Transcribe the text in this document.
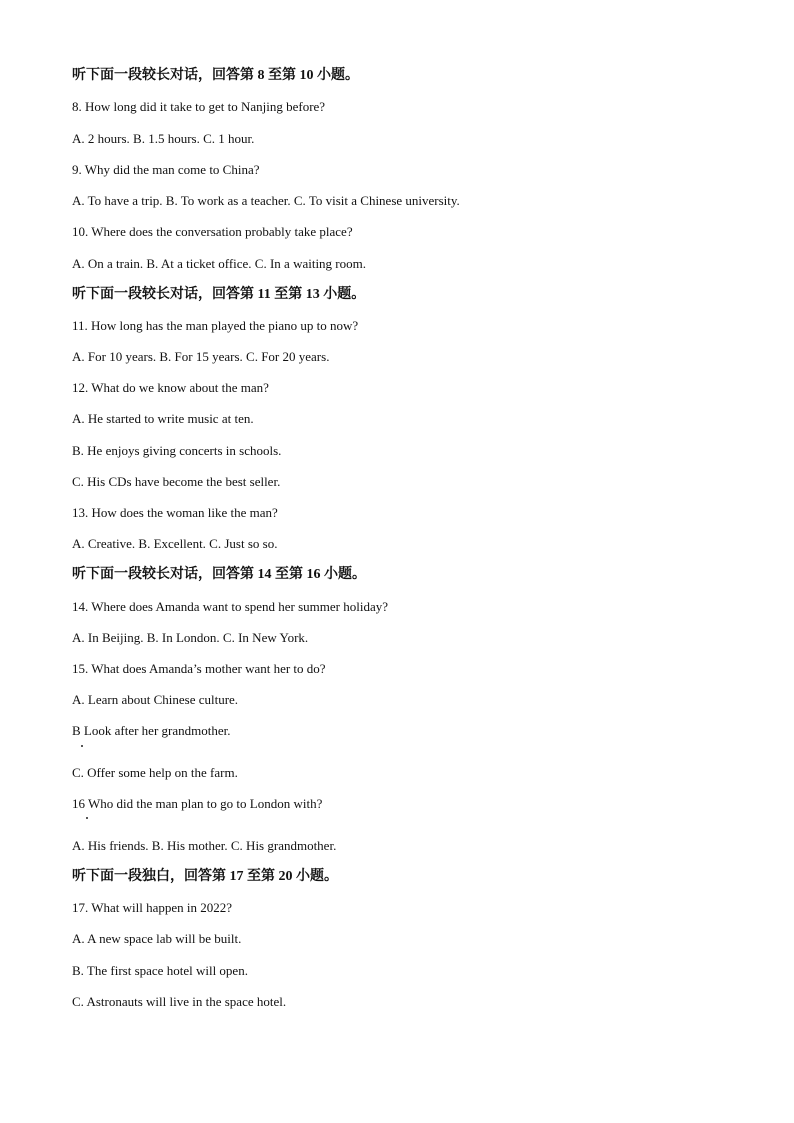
听下面一段较长对话，回答第 8 至第 10 小题。
8. How long did it take to get to Nanjing before?
A. 2 hours. B. 1.5 hours. C. 1 hour.
9. Why did the man come to China?
A. To have a trip. B. To work as a teacher. C. To visit a Chinese university.
10. Where does the conversation probably take place?
A. On a train. B. At a ticket office. C. In a waiting room.
听下面一段较长对话，回答第 11 至第 13 小题。
11. How long has the man played the piano up to now?
A. For 10 years. B. For 15 years. C. For 20 years.
12. What do we know about the man?
A. He started to write music at ten.
B. He enjoys giving concerts in schools.
C. His CDs have become the best seller.
13. How does the woman like the man?
A. Creative. B. Excellent. C. Just so so.
听下面一段较长对话，回答第 14 至第 16 小题。
14. Where does Amanda want to spend her summer holiday?
A. In Beijing. B. In London. C. In New York.
15. What does Amanda’s mother want her to do?
A. Learn about Chinese culture.
B Look after her grandmother.
C. Offer some help on the farm.
16 Who did the man plan to go to London with?
A. His friends. B. His mother. C. His grandmother.
听下面一段独白，回答第 17 至第 20 小题。
17. What will happen in 2022?
A. A new space lab will be built.
B. The first space hotel will open.
C. Astronauts will live in the space hotel.
